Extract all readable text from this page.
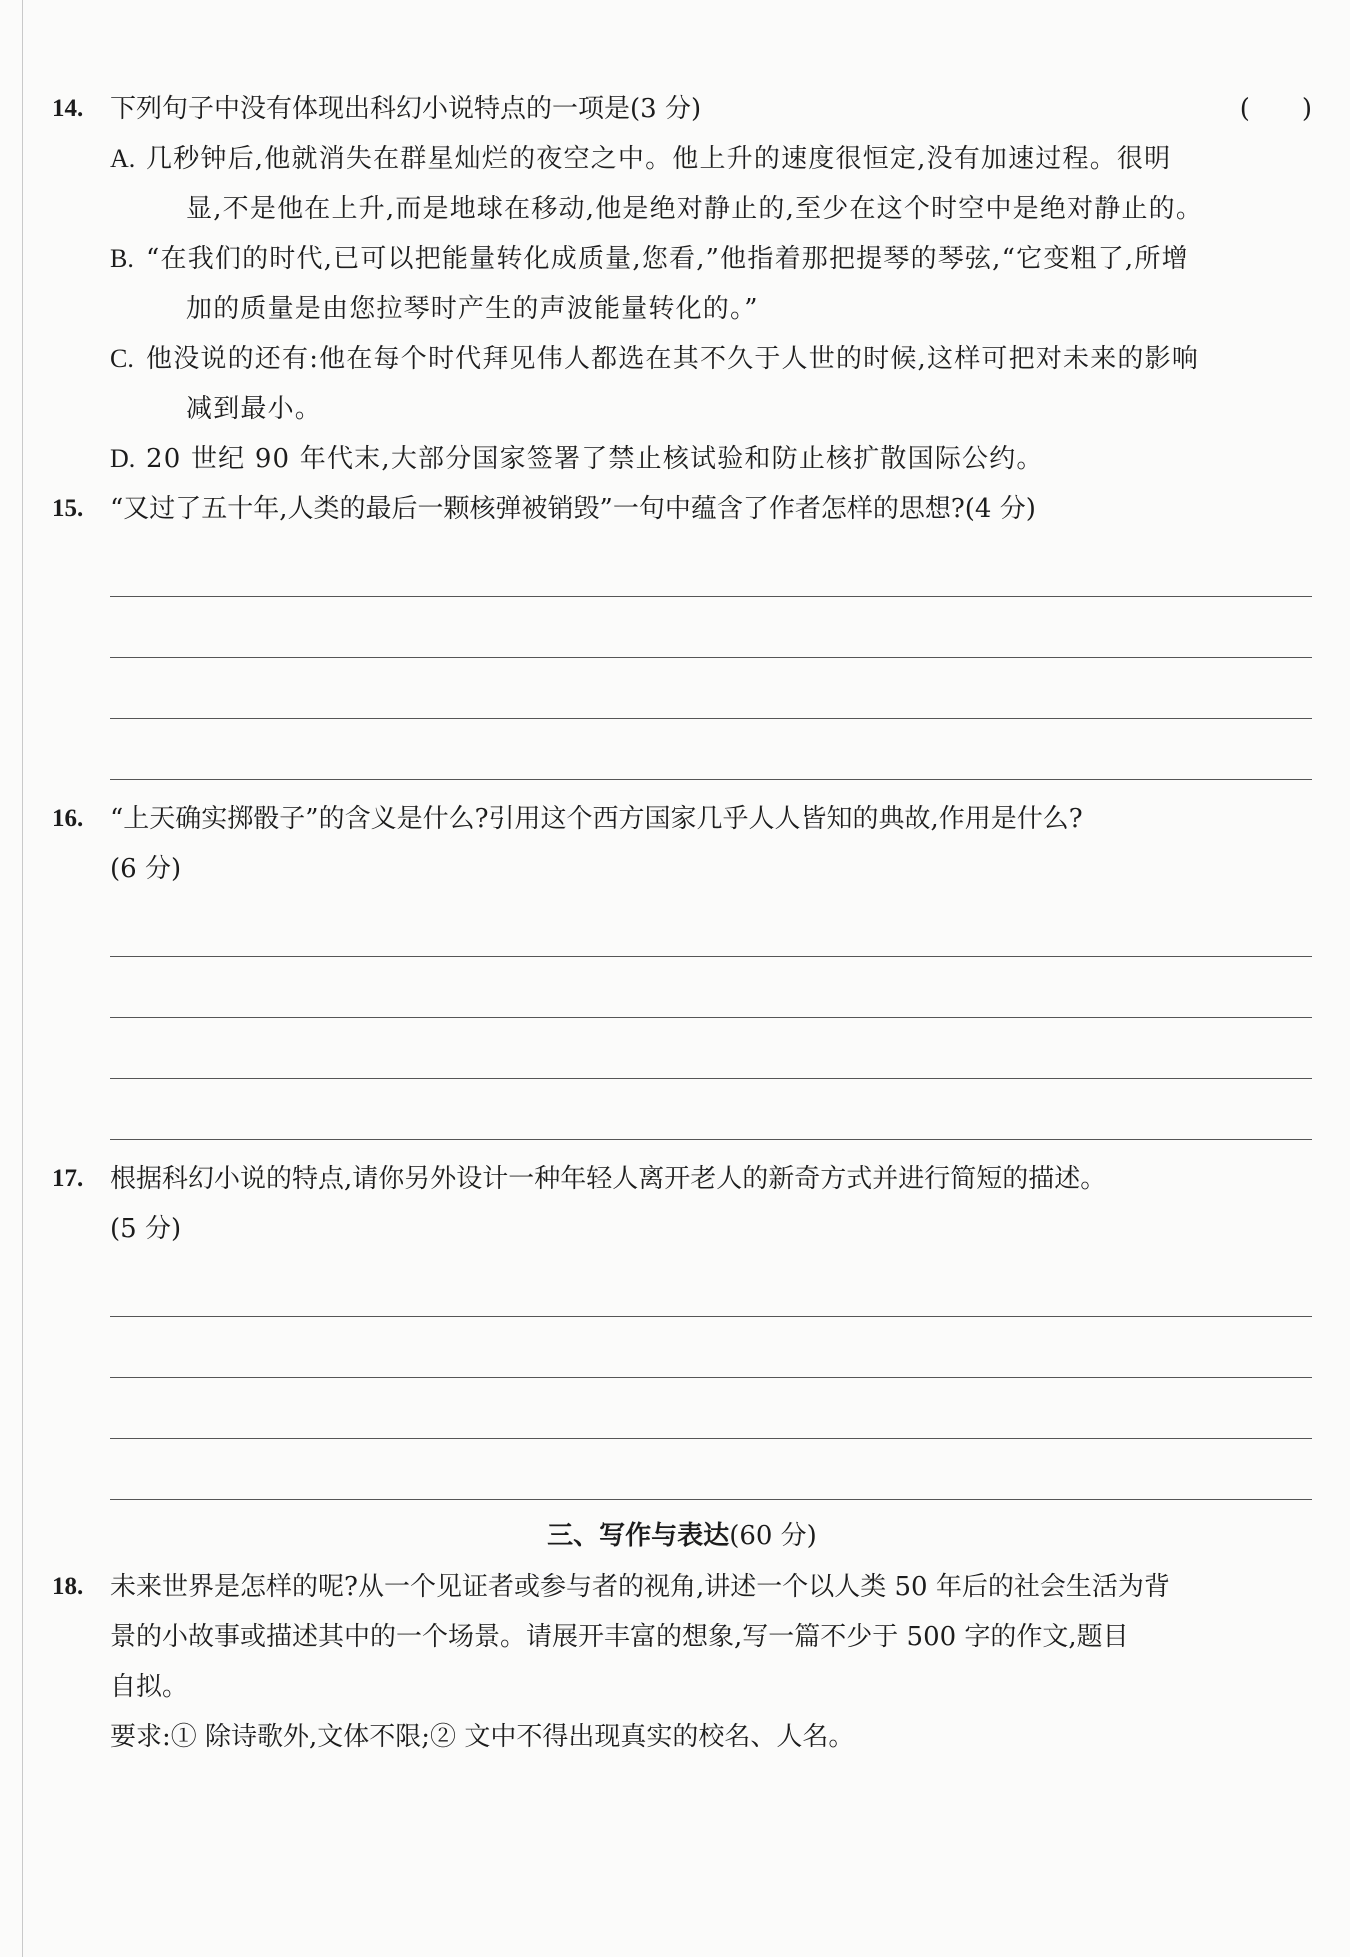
14. 下列句子中没有体现出科幻小说特点的一项是(3 分)	(　　)
A. 几秒钟后,他就消失在群星灿烂的夜空之中。他上升的速度很恒定,没有加速过程。很明
显,不是他在上升,而是地球在移动,他是绝对静止的,至少在这个时空中是绝对静止的。
B. “在我们的时代,已可以把能量转化成质量,您看,”他指着那把提琴的琴弦,“它变粗了,所增
加的质量是由您拉琴时产生的声波能量转化的。”
C. 他没说的还有:他在每个时代拜见伟人都选在其不久于人世的时候,这样可把对未来的影响
减到最小。
D. 20 世纪 90 年代末,大部分国家签署了禁止核试验和防止核扩散国际公约。
15. “又过了五十年,人类的最后一颗核弹被销毁”一句中蕴含了作者怎样的思想?(4 分)
16. “上天确实掷骰子”的含义是什么?引用这个西方国家几乎人人皆知的典故,作用是什么?
(6 分)
17. 根据科幻小说的特点,请你另外设计一种年轻人离开老人的新奇方式并进行简短的描述。
(5 分)
三、写作与表达(60 分)
18. 未来世界是怎样的呢?从一个见证者或参与者的视角,讲述一个以人类 50 年后的社会生活为背
景的小故事或描述其中的一个场景。请展开丰富的想象,写一篇不少于 500 字的作文,题目
自拟。
要求:① 除诗歌外,文体不限;② 文中不得出现真实的校名、人名。
